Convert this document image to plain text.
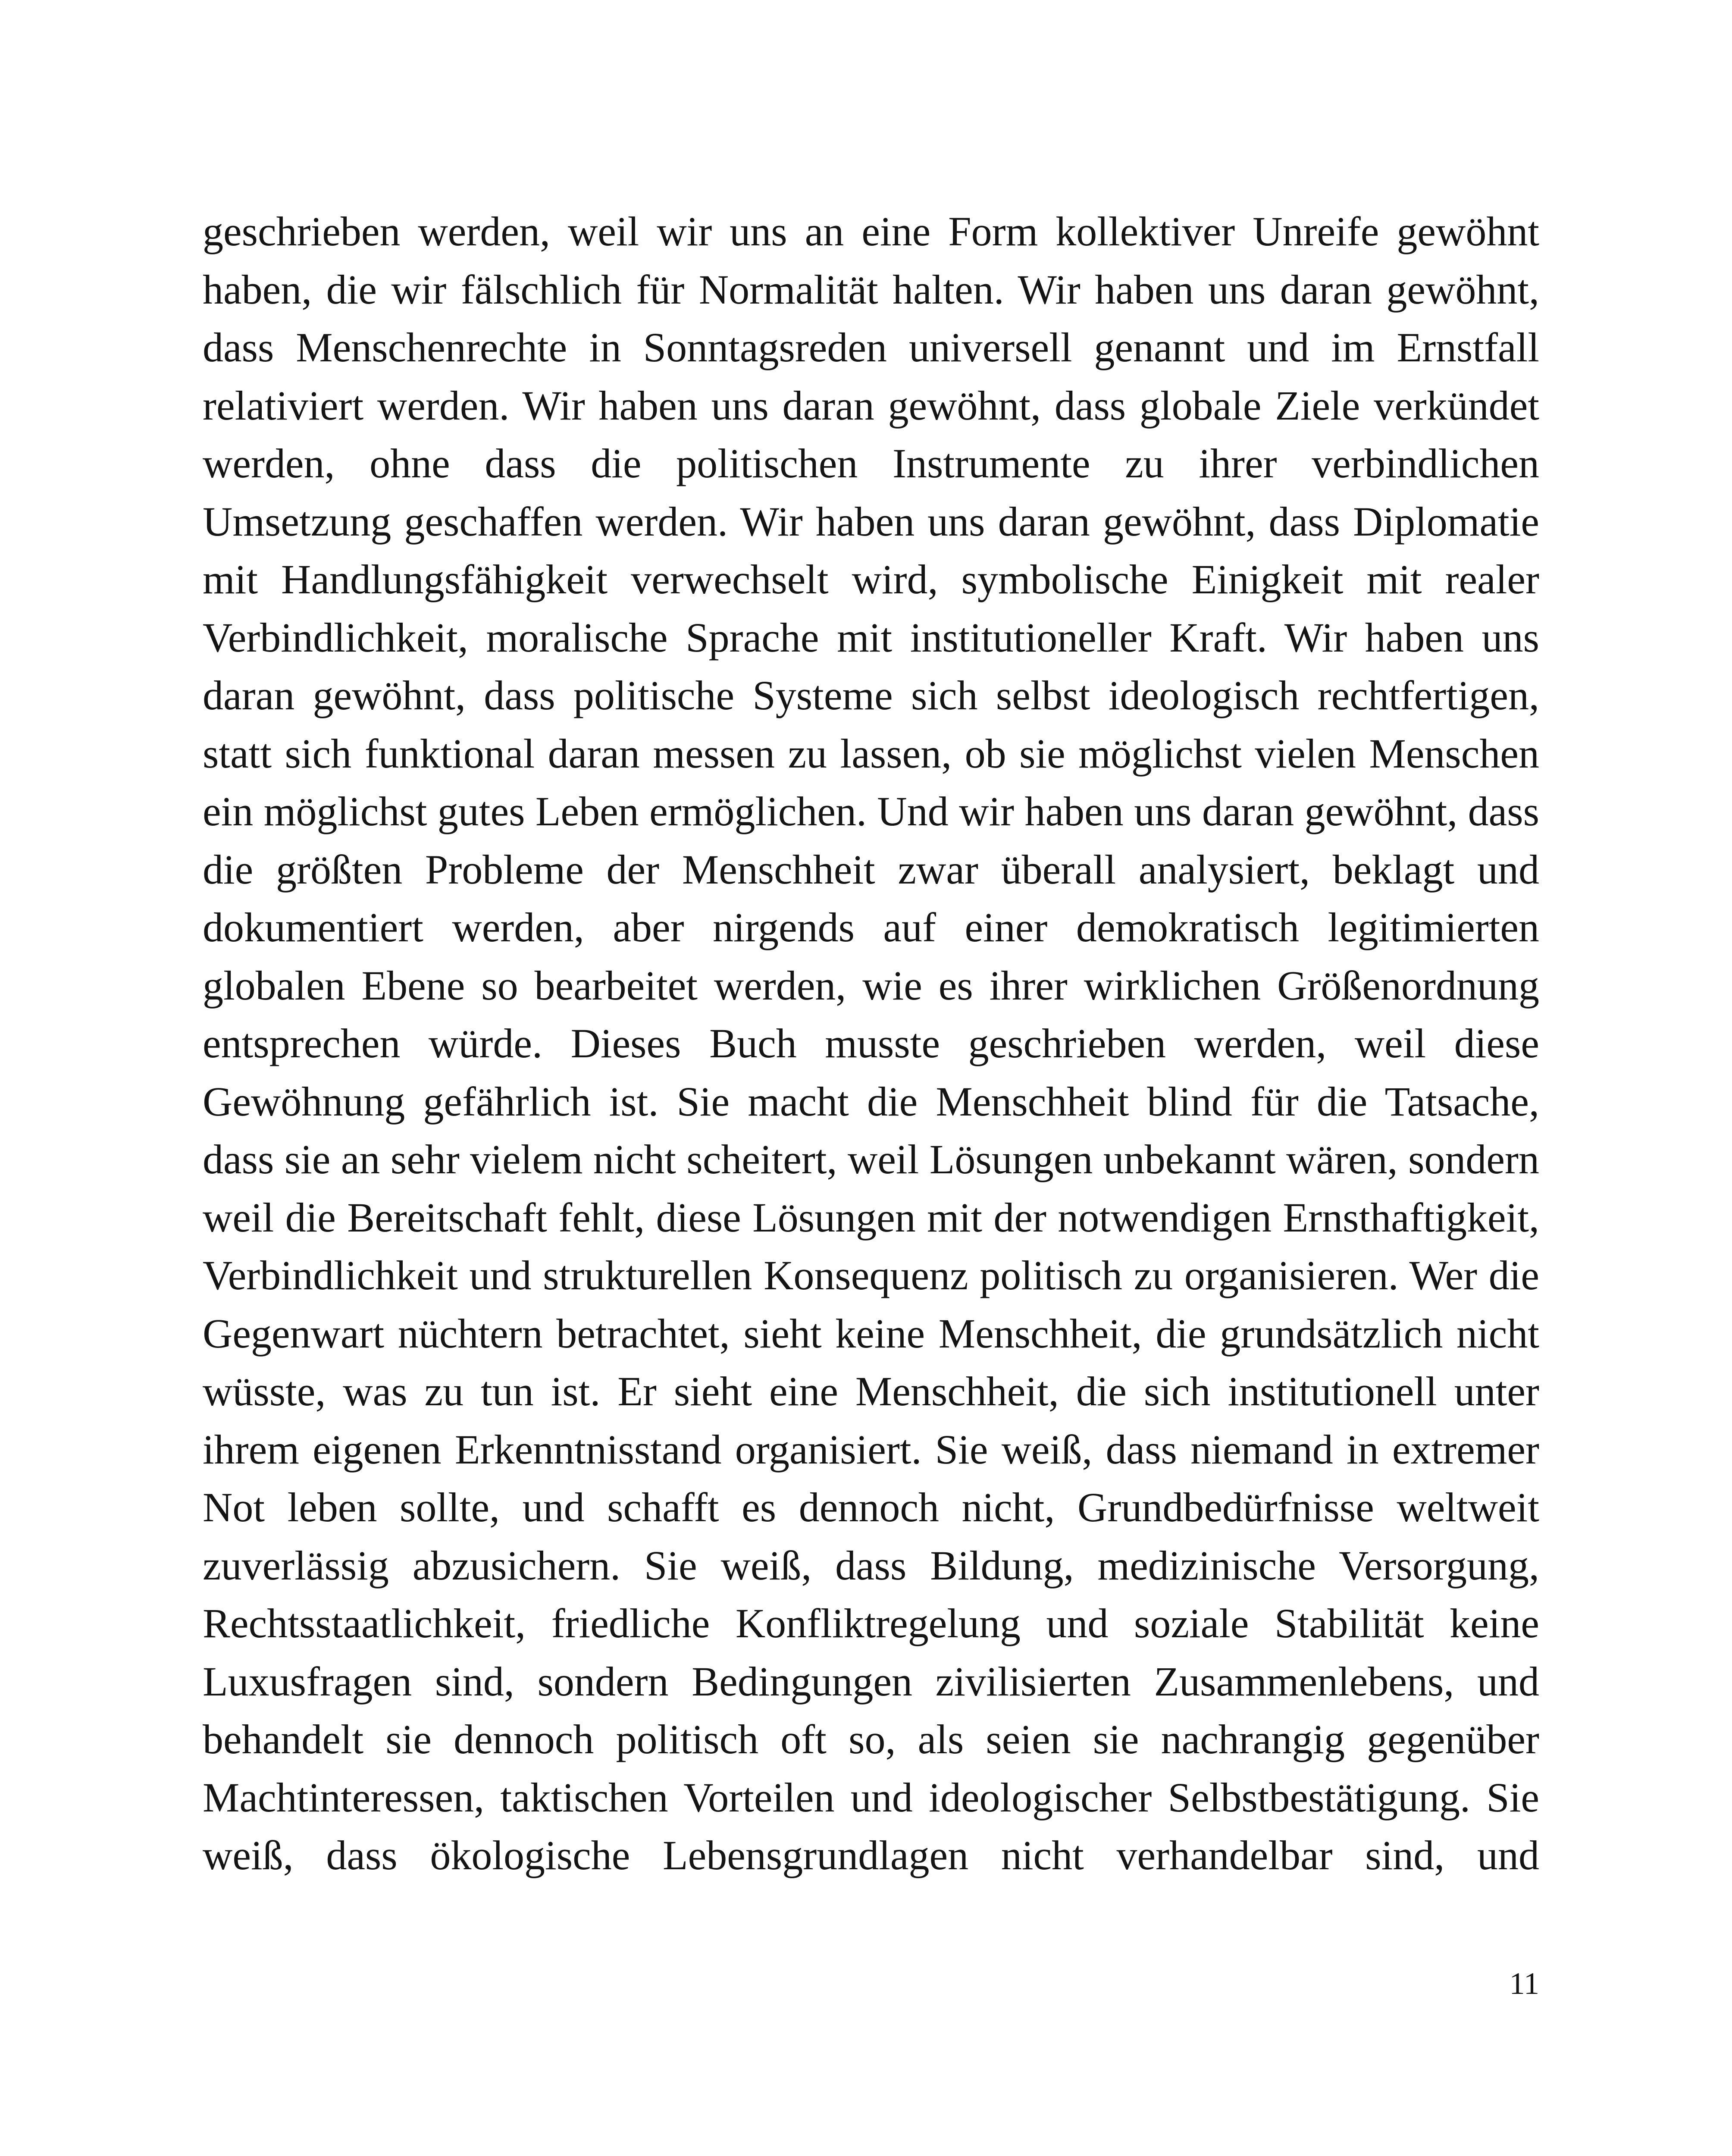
geschrieben werden, weil wir uns an eine Form kollektiver Unreife gewöhnt haben, die wir fälschlich für Normalität halten. Wir haben uns daran gewöhnt, dass Menschenrechte in Sonntagsreden universell genannt und im Ernstfall relativiert werden. Wir haben uns daran gewöhnt, dass globale Ziele verkündet werden, ohne dass die politischen Instrumente zu ihrer verbindlichen Umsetzung geschaffen werden. Wir haben uns daran gewöhnt, dass Diplomatie mit Handlungsfähigkeit verwechselt wird, symbolische Einigkeit mit realer Verbindlichkeit, moralische Sprache mit institutioneller Kraft. Wir haben uns daran gewöhnt, dass politische Systeme sich selbst ideologisch rechtfertigen, statt sich funktional daran messen zu lassen, ob sie möglichst vielen Menschen ein möglichst gutes Leben ermöglichen. Und wir haben uns daran gewöhnt, dass die größten Probleme der Menschheit zwar überall analysiert, beklagt und dokumentiert werden, aber nirgends auf einer demokratisch legitimierten globalen Ebene so bearbeitet werden, wie es ihrer wirklichen Größenordnung entsprechen würde. Dieses Buch musste geschrieben werden, weil diese Gewöhnung gefährlich ist. Sie macht die Menschheit blind für die Tatsache, dass sie an sehr vielem nicht scheitert, weil Lösungen unbekannt wären, sondern weil die Bereitschaft fehlt, diese Lösungen mit der notwendigen Ernsthaftigkeit, Verbindlichkeit und strukturellen Konsequenz politisch zu organisieren. Wer die Gegenwart nüchtern betrachtet, sieht keine Menschheit, die grundsätzlich nicht wüsste, was zu tun ist. Er sieht eine Menschheit, die sich institutionell unter ihrem eigenen Erkenntnisstand organisiert. Sie weiß, dass niemand in extremer Not leben sollte, und schafft es dennoch nicht, Grundbedürfnisse weltweit zuverlässig abzusichern. Sie weiß, dass Bildung, medizinische Versorgung, Rechtsstaatlichkeit, friedliche Konfliktregelung und soziale Stabilität keine Luxusfragen sind, sondern Bedingungen zivilisierten Zusammenlebens, und behandelt sie dennoch politisch oft so, als seien sie nachrangig gegenüber Machtinteressen, taktischen Vorteilen und ideologischer Selbstbestätigung. Sie weiß, dass ökologische Lebensgrundlagen nicht verhandelbar sind, und

11
